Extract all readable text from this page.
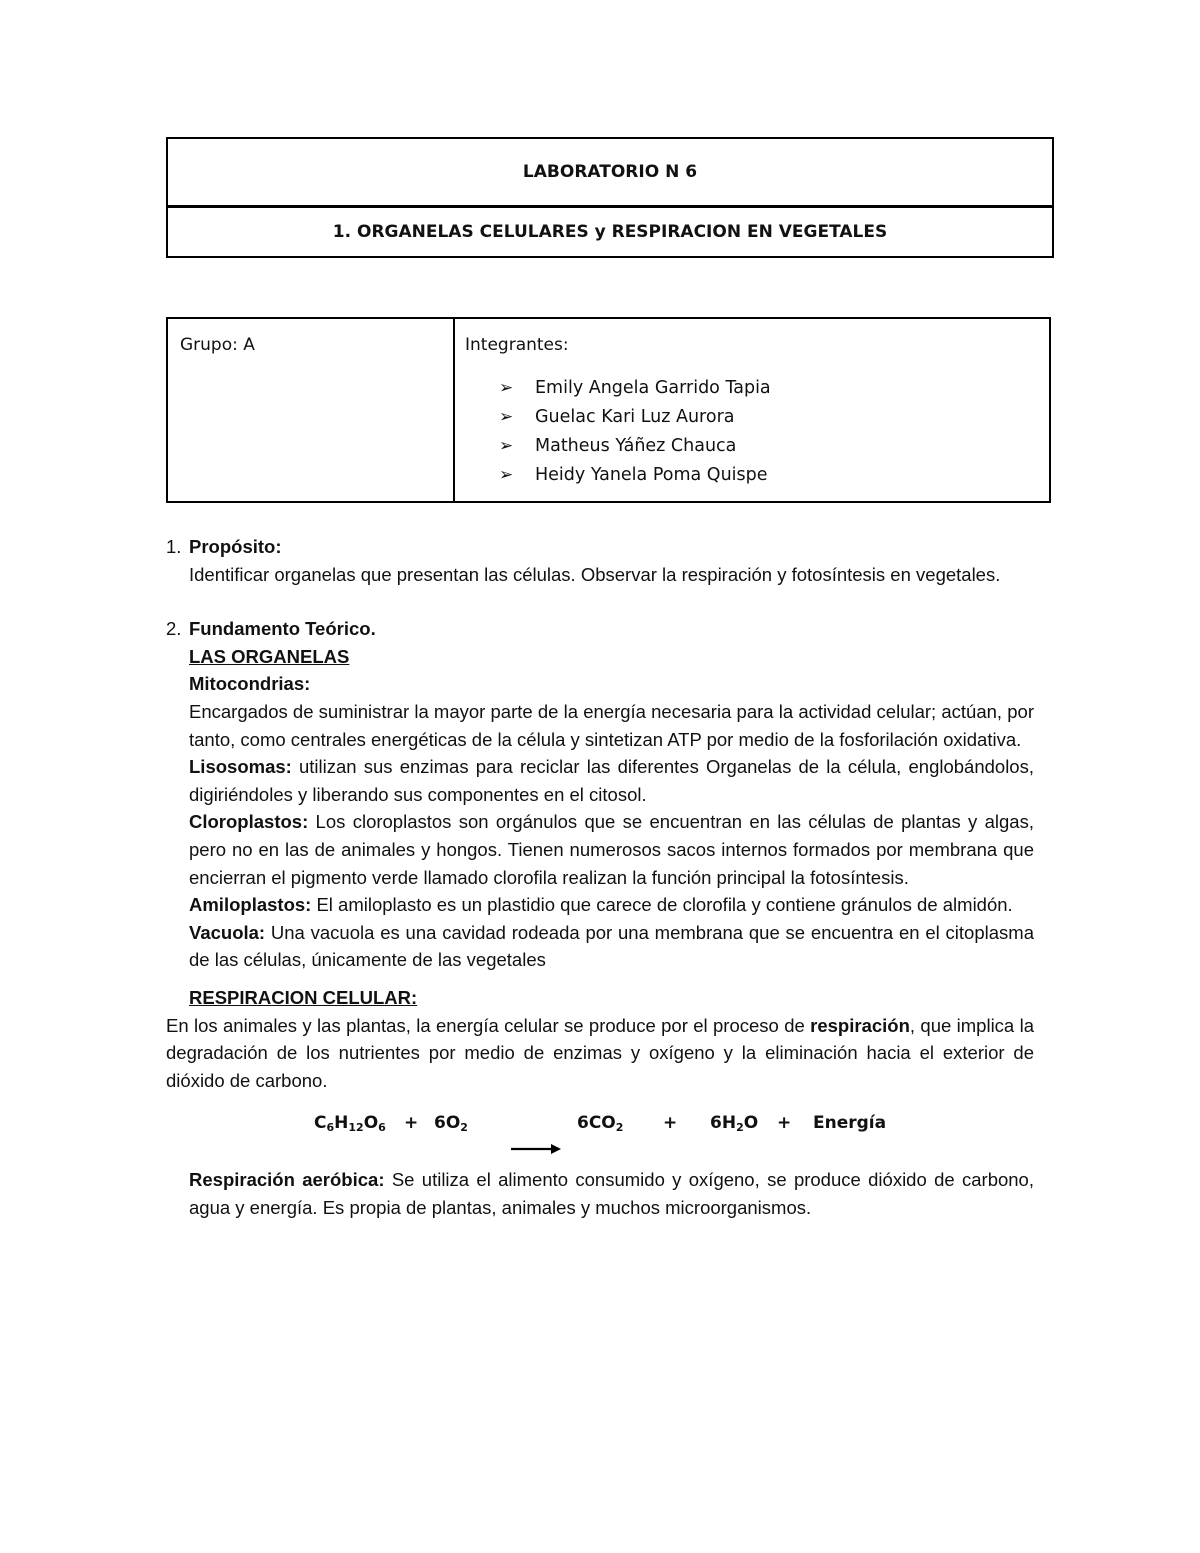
LABORATORIO N 6
1. ORGANELAS CELULARES y RESPIRACION EN VEGETALES
Grupo: A	Integrantes:
➢	Emily Angela Garrido Tapia
➢	Guelac Kari Luz Aurora
➢	Matheus Yáñez Chauca
➢	Heidy Yanela Poma Quispe
1. Propósito:

Identificar organelas que presentan las células. Observar la respiración y fotosíntesis en vegetales.

2. Fundamento Teórico.

LAS ORGANELAS

Mitocondrias:

Encargados de suministrar la mayor parte de la energía necesaria para la actividad celular; actúan, por tanto, como centrales energéticas de la célula y sintetizan ATP por medio de la fosforilación oxidativa.

Lisosomas: utilizan sus enzimas para reciclar las diferentes Organelas de la célula, englobándolos, digiriéndoles y liberando sus componentes en el citosol.

Cloroplastos: Los cloroplastos son orgánulos que se encuentran en las células de plantas y algas, pero no en las de animales y hongos. Tienen numerosos sacos internos formados por membrana que encierran el pigmento verde llamado clorofila realizan la función principal la fotosíntesis.

Amiloplastos: El amiloplasto es un plastidio que carece de clorofila y contiene gránulos de almidón.

Vacuola: Una vacuola es una cavidad rodeada por una membrana que se encuentra en el citoplasma de las células, únicamente de las vegetales

RESPIRACION CELULAR:

En los animales y las plantas, la energía celular se produce por el proceso de respiración, que implica la degradación de los nutrientes por medio de enzimas y oxígeno y la eliminación hacia el exterior de dióxido de carbono.

$C_6H_{12}O_6 + 6O_2$	$6CO_2 + 6H_2O$ + Energía

Respiración aeróbica: Se utiliza el alimento consumido y oxígeno, se produce dióxido de carbono, agua y energía. Es propia de plantas, animales y muchos microorganismos.
